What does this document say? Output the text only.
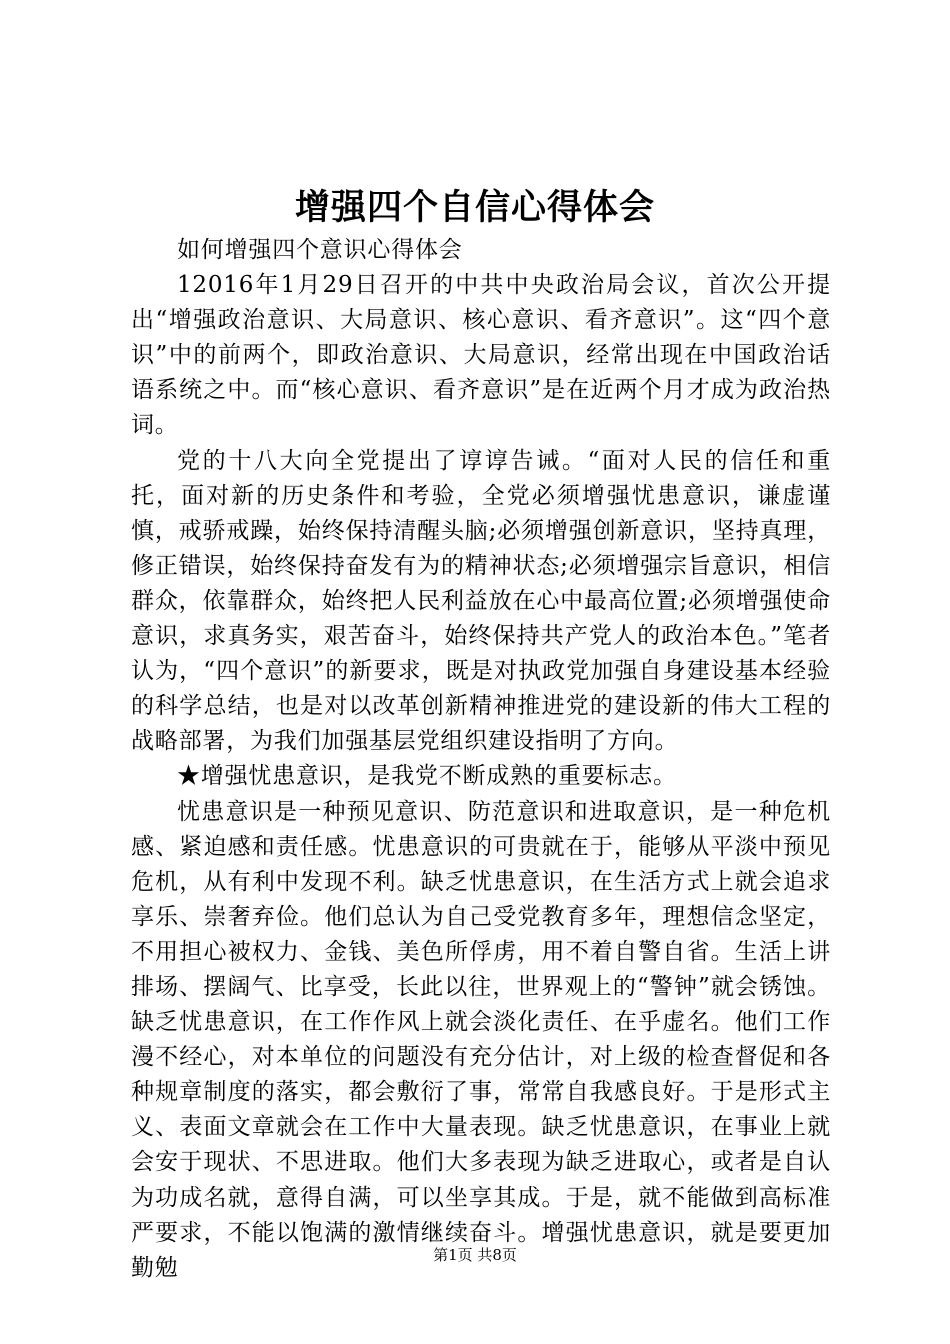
增强四个自信心得体会

如何增强四个意识心得体会

12016年1月29日召开的中共中央政治局会议，首次公开提出“增强政治意识、大局意识、核心意识、看齐意识”。这“四个意识”中的前两个，即政治意识、大局意识，经常出现在中国政治话语系统之中。而“核心意识、看齐意识”是在近两个月才成为政治热词。

党的十八大向全党提出了谆谆告诫。“面对人民的信任和重托，面对新的历史条件和考验，全党必须增强忧患意识，谦虚谨慎，戒骄戒躁，始终保持清醒头脑;必须增强创新意识，坚持真理，修正错误，始终保持奋发有为的精神状态;必须增强宗旨意识，相信群众，依靠群众，始终把人民利益放在心中最高位置;必须增强使命意识，求真务实，艰苦奋斗，始终保持共产党人的政治本色。”笔者认为，“四个意识”的新要求，既是对执政党加强自身建设基本经验的科学总结，也是对以改革创新精神推进党的建设新的伟大工程的战略部署，为我们加强基层党组织建设指明了方向。

★增强忧患意识，是我党不断成熟的重要标志。

忧患意识是一种预见意识、防范意识和进取意识，是一种危机感、紧迫感和责任感。忧患意识的可贵就在于，能够从平淡中预见危机，从有利中发现不利。缺乏忧患意识，在生活方式上就会追求享乐、崇奢弃俭。他们总认为自己受党教育多年，理想信念坚定，不用担心被权力、金钱、美色所俘虏，用不着自警自省。生活上讲排场、摆阔气、比享受，长此以往，世界观上的“警钟”就会锈蚀。缺乏忧患意识，在工作作风上就会淡化责任、在乎虚名。他们工作漫不经心，对本单位的问题没有充分估计，对上级的检查督促和各种规章制度的落实，都会敷衍了事，常常自我感良好。于是形式主义、表面文章就会在工作中大量表现。缺乏忧患意识，在事业上就会安于现状、不思进取。他们大多表现为缺乏进取心，或者是自认为功成名就，意得自满，可以坐享其成。于是，就不能做到高标准严要求，不能以饱满的激情继续奋斗。增强忧患意识，就是要更加勤勉	第1页 共8页
